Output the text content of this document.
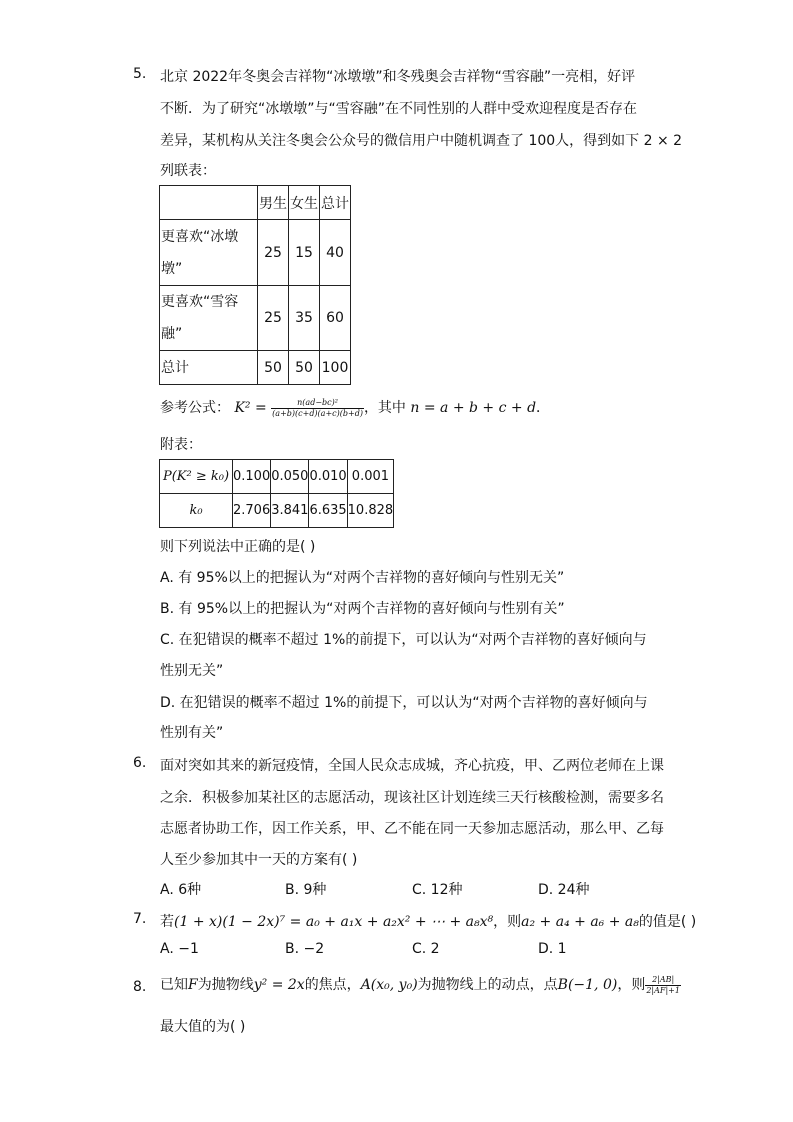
5. 北京 2022年冬奥会吉祥物“冰墩墩”和冬残奥会吉祥物“雪容融”一亮相，好评
不断．为了研究“冰墩墩”与“雪容融”在不同性别的人群中受欢迎程度是否存在
差异，某机构从关注冬奥会公众号的微信用户中随机调查了 100人，得到如下 2 × 2
列联表：
	男生	女生	总计
更喜欢“冰墩
墩”	25	15	40
更喜欢“雪容
融”	25	35	60
总计	50	50	100
参考公式： $K^2 = \frac{\text{n(ad−bc)²}}{(a+b)(c+d)(a+c)(b+d)}$ ，其中 n = a + b + c + d．
附表：
P(K² ≥ k₀)	0.100	0.050	0.010	0.001
k₀	2.706	3.841	6.635	10.828
则下列说法中正确的是( )
A. 有 95%以上的把握认为“对两个吉祥物的喜好倾向与性别无关”
B. 有 95%以上的把握认为“对两个吉祥物的喜好倾向与性别有关”
C. 在犯错误的概率不超过 1%的前提下，可以认为“对两个吉祥物的喜好倾向与
性别无关”
D. 在犯错误的概率不超过 1%的前提下，可以认为“对两个吉祥物的喜好倾向与
性别有关”
6. 面对突如其来的新冠疫情，全国人民众志成城，齐心抗疫，甲、乙两位老师在上课
之余．积极参加某社区的志愿活动，现该社区计划连续三天行核酸检测，需要多名
志愿者协助工作，因工作关系，甲、乙不能在同一天参加志愿活动，那么甲、乙每
人至少参加其中一天的方案有( )
A. 6种	B. 9种	C. 12种	D. 24种
7. 若(1 + x)(1 − 2x)⁷ = a₀ + a₁x + a₂x² + ⋯ + a₈x⁸，则a₂ + a₄ + a₆ + a₈的值是( )
A. −1	B. −2	C. 2	D. 1
8. 已知F为抛物线y² = 2x的焦点，A(x₀, y₀)为抛物线上的动点，点B(−1, 0)，则 $\frac{2|AB|}{2|AF|+1}$
最大值的为( )
